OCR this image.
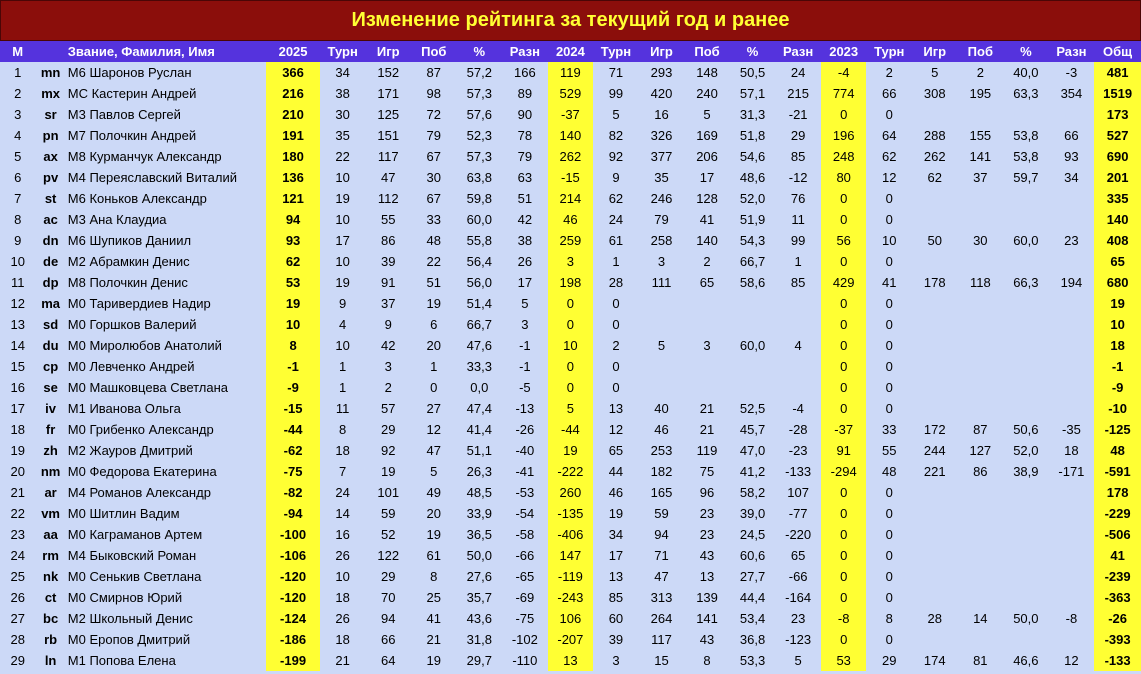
Изменение рейтинга за текущий год и ранее
М		Звание, Фамилия, Имя	2025	Турн	Игр	Поб	%	Разн	2024	Турн	Игр	Поб	%	Разн	2023	Турн	Игр	Поб	%	Разн	Общ
1	mn	М6 Шаронов Руслан	366	34	152	87	57,2	166	119	71	293	148	50,5	24	-4	2	5	2	40,0	-3	481
2	mx	МС Кастерин Андрей	216	38	171	98	57,3	89	529	99	420	240	57,1	215	774	66	308	195	63,3	354	1519
3	sr	М3 Павлов Сергей	210	30	125	72	57,6	90	-37	5	16	5	31,3	-21	0	0					173
4	pn	М7 Полочкин Андрей	191	35	151	79	52,3	78	140	82	326	169	51,8	29	196	64	288	155	53,8	66	527
5	ax	М8 Курманчук Александр	180	22	117	67	57,3	79	262	92	377	206	54,6	85	248	62	262	141	53,8	93	690
6	pv	М4 Переяславский Виталий	136	10	47	30	63,8	63	-15	9	35	17	48,6	-12	80	12	62	37	59,7	34	201
7	st	М6 Коньков Александр	121	19	112	67	59,8	51	214	62	246	128	52,0	76	0	0					335
8	ac	М3 Ана Клаудиа	94	10	55	33	60,0	42	46	24	79	41	51,9	11	0	0					140
9	dn	М6 Шупиков Даниил	93	17	86	48	55,8	38	259	61	258	140	54,3	99	56	10	50	30	60,0	23	408
10	de	М2 Абрамкин Денис	62	10	39	22	56,4	26	3	1	3	2	66,7	1	0	0					65
11	dp	М8 Полочкин Денис	53	19	91	51	56,0	17	198	28	111	65	58,6	85	429	41	178	118	66,3	194	680
12	ma	М0 Таривердиев Надир	19	9	37	19	51,4	5	0	0					0	0					19
13	sd	М0 Горшков Валерий	10	4	9	6	66,7	3	0	0					0	0					10
14	du	М0 Миролюбов Анатолий	8	10	42	20	47,6	-1	10	2	5	3	60,0	4	0	0					18
15	cp	М0 Левченко Андрей	-1	1	3	1	33,3	-1	0	0					0	0					-1
16	se	М0 Машковцева Светлана	-9	1	2	0	0,0	-5	0	0					0	0					-9
17	iv	М1 Иванова Ольга	-15	11	57	27	47,4	-13	5	13	40	21	52,5	-4	0	0					-10
18	fr	М0 Грибенко Александр	-44	8	29	12	41,4	-26	-44	12	46	21	45,7	-28	-37	33	172	87	50,6	-35	-125
19	zh	М2 Жауров Дмитрий	-62	18	92	47	51,1	-40	19	65	253	119	47,0	-23	91	55	244	127	52,0	18	48
20	nm	М0 Федорова Екатерина	-75	7	19	5	26,3	-41	-222	44	182	75	41,2	-133	-294	48	221	86	38,9	-171	-591
21	ar	М4 Романов Александр	-82	24	101	49	48,5	-53	260	46	165	96	58,2	107	0	0					178
22	vm	М0 Шитлин Вадим	-94	14	59	20	33,9	-54	-135	19	59	23	39,0	-77	0	0					-229
23	aa	М0 Каграманов Артем	-100	16	52	19	36,5	-58	-406	34	94	23	24,5	-220	0	0					-506
24	rm	М4 Быковский Роман	-106	26	122	61	50,0	-66	147	17	71	43	60,6	65	0	0					41
25	nk	М0 Сенькив Светлана	-120	10	29	8	27,6	-65	-119	13	47	13	27,7	-66	0	0					-239
26	ct	М0 Смирнов Юрий	-120	18	70	25	35,7	-69	-243	85	313	139	44,4	-164	0	0					-363
27	bc	М2 Школьный Денис	-124	26	94	41	43,6	-75	106	60	264	141	53,4	23	-8	8	28	14	50,0	-8	-26
28	rb	М0 Еропов Дмитрий	-186	18	66	21	31,8	-102	-207	39	117	43	36,8	-123	0	0					-393
29	ln	М1 Попова Елена	-199	21	64	19	29,7	-110	13	3	15	8	53,3	5	53	29	174	81	46,6	12	-133
